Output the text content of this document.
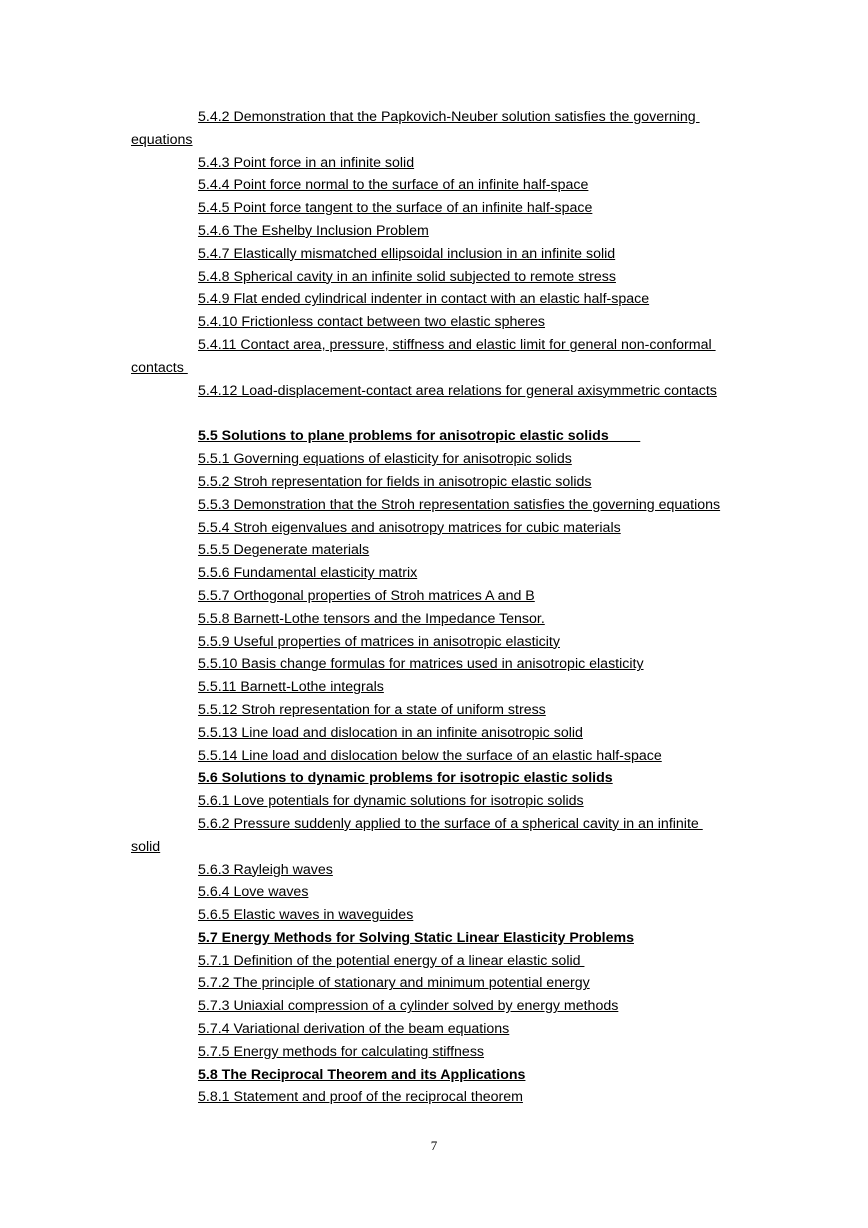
5.4.2 Demonstration that the Papkovich-Neuber solution satisfies the governing
equations
5.4.3 Point force in an infinite solid
5.4.4 Point force normal to the surface of an infinite half-space
5.4.5 Point force tangent to the surface of an infinite half-space
5.4.6 The Eshelby Inclusion Problem
5.4.7 Elastically mismatched ellipsoidal inclusion in an infinite solid
5.4.8 Spherical cavity in an infinite solid subjected to remote stress
5.4.9 Flat ended cylindrical indenter in contact with an elastic half-space
5.4.10 Frictionless contact between two elastic spheres
5.4.11 Contact area, pressure, stiffness and elastic limit for general non-conformal
contacts
5.4.12 Load-displacement-contact area relations for general axisymmetric contacts
5.5 Solutions to plane problems for anisotropic elastic solids
5.5.1 Governing equations of elasticity for anisotropic solids
5.5.2 Stroh representation for fields in anisotropic elastic solids
5.5.3 Demonstration that the Stroh representation satisfies the governing equations
5.5.4 Stroh eigenvalues and anisotropy matrices for cubic materials
5.5.5 Degenerate materials
5.5.6 Fundamental elasticity matrix
5.5.7 Orthogonal properties of Stroh matrices A and B
5.5.8 Barnett-Lothe tensors and the Impedance Tensor.
5.5.9 Useful properties of matrices in anisotropic elasticity
5.5.10 Basis change formulas for matrices used in anisotropic elasticity
5.5.11 Barnett-Lothe integrals
5.5.12 Stroh representation for a state of uniform stress
5.5.13 Line load and dislocation in an infinite anisotropic solid
5.5.14 Line load and dislocation below the surface of an elastic half-space
5.6 Solutions to dynamic problems for isotropic elastic solids
5.6.1 Love potentials for dynamic solutions for isotropic solids
5.6.2 Pressure suddenly applied to the surface of a spherical cavity in an infinite
solid
5.6.3 Rayleigh waves
5.6.4 Love waves
5.6.5 Elastic waves in waveguides
5.7 Energy Methods for Solving Static Linear Elasticity Problems
5.7.1 Definition of the potential energy of a linear elastic solid
5.7.2 The principle of stationary and minimum potential energy
5.7.3 Uniaxial compression of a cylinder solved by energy methods
5.7.4 Variational derivation of the beam equations
5.7.5 Energy methods for calculating stiffness
5.8 The Reciprocal Theorem and its Applications
5.8.1 Statement and proof of the reciprocal theorem
7
